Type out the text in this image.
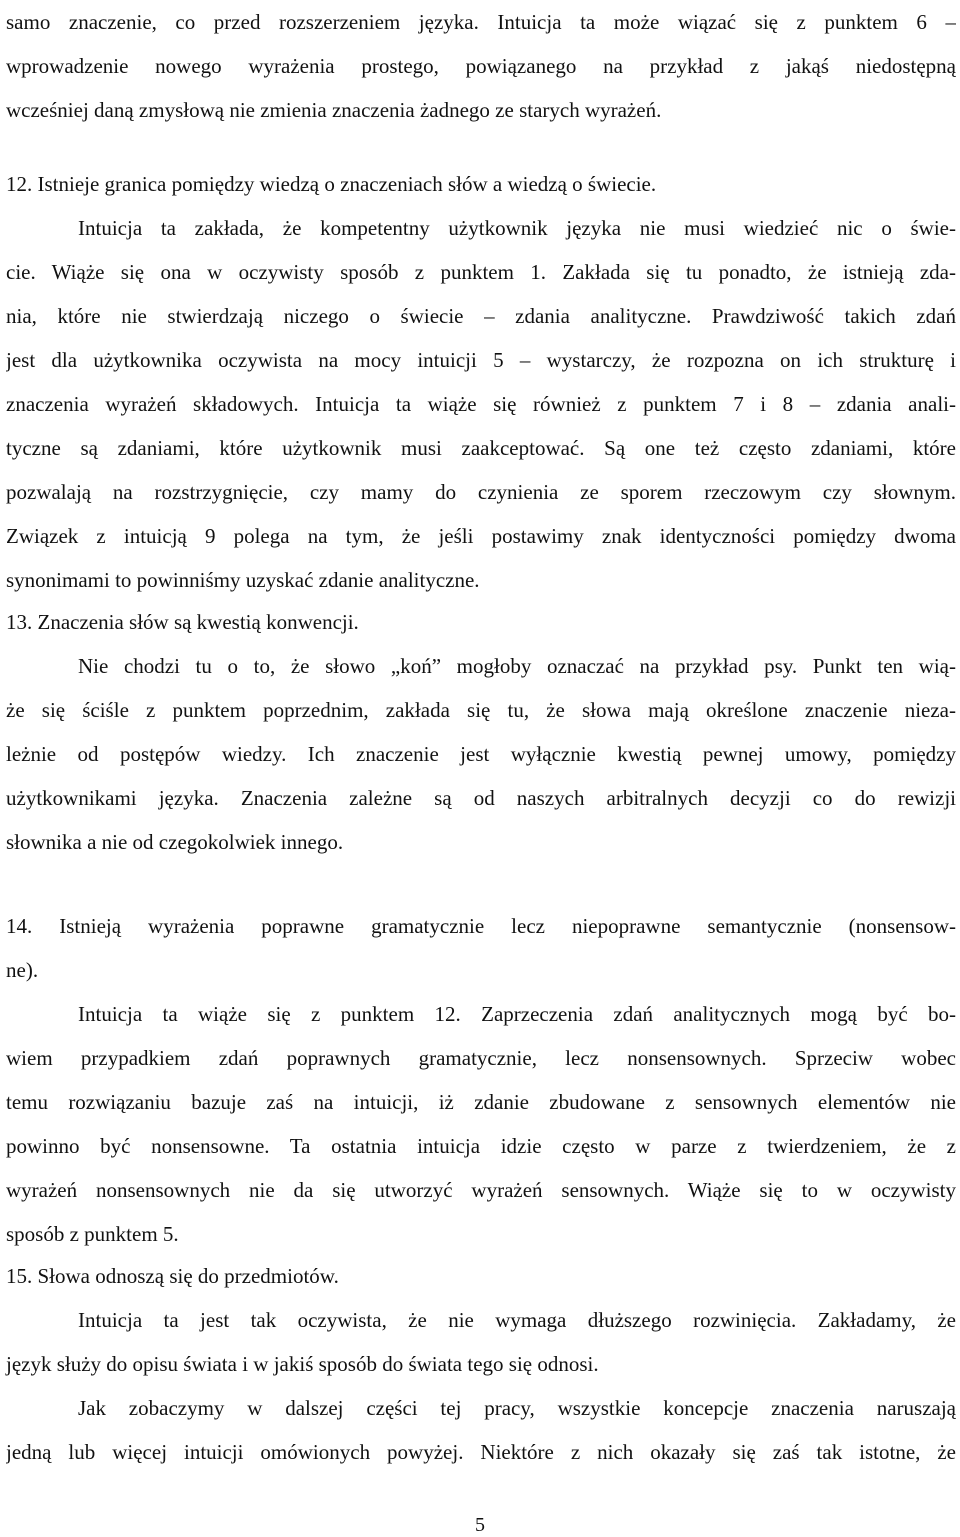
samo znaczenie, co przed rozszerzeniem języka. Intuicja ta może wiązać się z punktem 6 –
wprowadzenie nowego wyrażenia prostego, powiązanego na przykład z jakąś niedostępną
wcześniej daną zmysłową nie zmienia znaczenia żadnego ze starych wyrażeń.
12. Istnieje granica pomiędzy wiedzą o znaczeniach słów a wiedzą o świecie.
Intuicja ta zakłada, że kompetentny użytkownik języka nie musi wiedzieć nic o świe-
cie. Wiąże się ona w oczywisty sposób z punktem 1. Zakłada się tu ponadto, że istnieją zda-
nia, które nie stwierdzają niczego o świecie – zdania analityczne. Prawdziwość takich zdań
jest dla użytkownika oczywista na mocy intuicji 5 – wystarczy, że rozpozna on ich strukturę i
znaczenia wyrażeń składowych. Intuicja ta wiąże się również z punktem 7 i 8 – zdania anali-
tyczne są zdaniami, które użytkownik musi zaakceptować. Są one też często zdaniami, które
pozwalają na rozstrzygnięcie, czy mamy do czynienia ze sporem rzeczowym czy słownym.
Związek z intuicją 9 polega na tym, że jeśli postawimy znak identyczności pomiędzy dwoma
synonimami to powinniśmy uzyskać zdanie analityczne.
13. Znaczenia słów są kwestią konwencji.
Nie chodzi tu o to, że słowo „koń” mogłoby oznaczać na przykład psy. Punkt ten wią-
że się ściśle z punktem poprzednim, zakłada się tu, że słowa mają określone znaczenie nieza-
leżnie od postępów wiedzy. Ich znaczenie jest wyłącznie kwestią pewnej umowy, pomiędzy
użytkownikami języka. Znaczenia zależne są od naszych arbitralnych decyzji co do rewizji
słownika a nie od czegokolwiek innego.
14. Istnieją wyrażenia poprawne gramatycznie lecz niepoprawne semantycznie (nonsensow-
ne).
Intuicja ta wiąże się z punktem 12. Zaprzeczenia zdań analitycznych mogą być bo-
wiem przypadkiem zdań poprawnych gramatycznie, lecz nonsensownych. Sprzeciw wobec
temu rozwiązaniu bazuje zaś na intuicji, iż zdanie zbudowane z sensownych elementów nie
powinno być nonsensowne. Ta ostatnia intuicja idzie często w parze z twierdzeniem, że z
wyrażeń nonsensownych nie da się utworzyć wyrażeń sensownych. Wiąże się to w oczywisty
sposób z punktem 5.
15. Słowa odnoszą się do przedmiotów.
Intuicja ta jest tak oczywista, że nie wymaga dłuższego rozwinięcia. Zakładamy, że
język służy do opisu świata i w jakiś sposób do świata tego się odnosi.
Jak zobaczymy w dalszej części tej pracy, wszystkie koncepcje znaczenia naruszają
jedną lub więcej intuicji omówionych powyżej. Niektóre z nich okazały się zaś tak istotne, że
5
